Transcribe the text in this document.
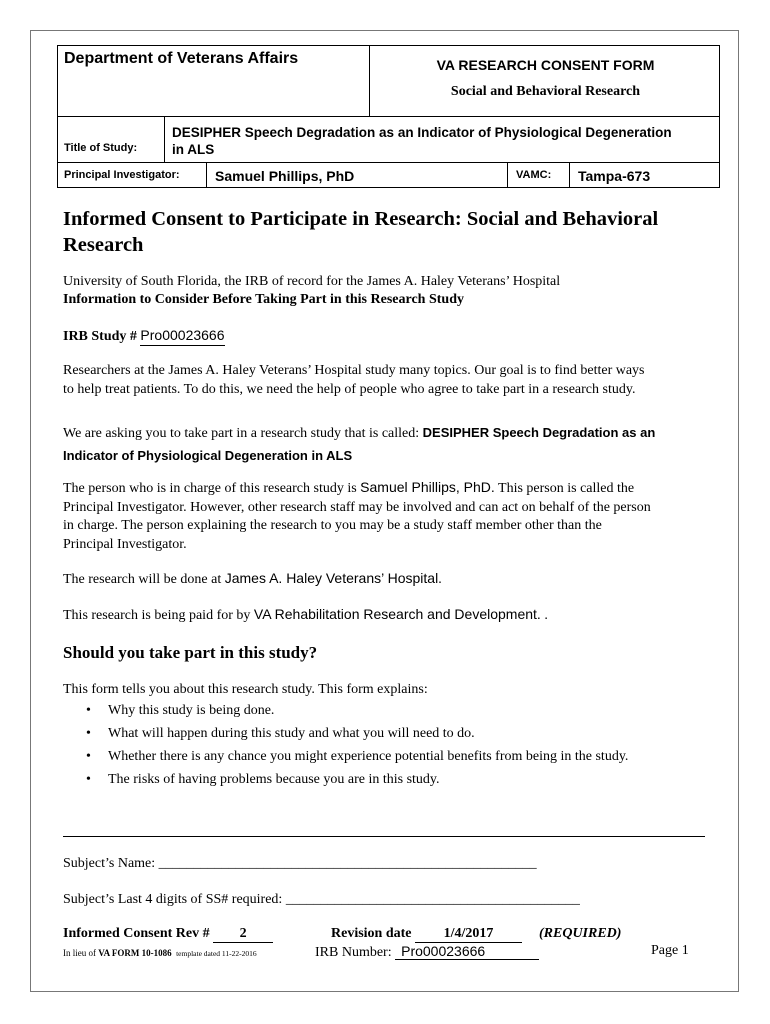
Department of Veterans Affairs	VA RESEARCH CONSENT FORM
Social and Behavioral Research
Title of Study:
DESIPHER Speech Degradation as an Indicator of Physiological Degeneration
in ALS
Principal Investigator:	Samuel Phillips, PhD	VAMC: Tampa-673
Informed Consent to Participate in Research: Social and Behavioral
Research
University of South Florida, the IRB of record for the James A. Haley Veterans’ Hospital
Information to Consider Before Taking Part in this Research Study
IRB Study # Pro00023666
Researchers at the James A. Haley Veterans’ Hospital study many topics. Our goal is to find better ways
to help treat patients. To do this, we need the help of people who agree to take part in a research study.
We are asking you to take part in a research study that is called: DESIPHER Speech Degradation as an
Indicator of Physiological Degeneration in ALS
The person who is in charge of this research study is Samuel Phillips, PhD. This person is called the
Principal Investigator. However, other research staff may be involved and can act on behalf of the person
in charge. The person explaining the research to you may be a study staff member other than the
Principal Investigator.
The research will be done at James A. Haley Veterans’ Hospital.
This research is being paid for by VA Rehabilitation Research and Development. .
Should you take part in this study?
This form tells you about this research study. This form explains:
• Why this study is being done.
• What will happen during this study and what you will need to do.
• Whether there is any chance you might experience potential benefits from being in the study.
• The risks of having problems because you are in this study.
Subject’s Name: ______________________________________________________
Subject’s Last 4 digits of SS# required: __________________________________________
Informed Consent Rev # 2	Revision date 1/4/2017	(REQUIRED)
In lieu of VA FORM 10-1086 template dated 11-22-2016	IRB Number: Pro00023666	Page 1
